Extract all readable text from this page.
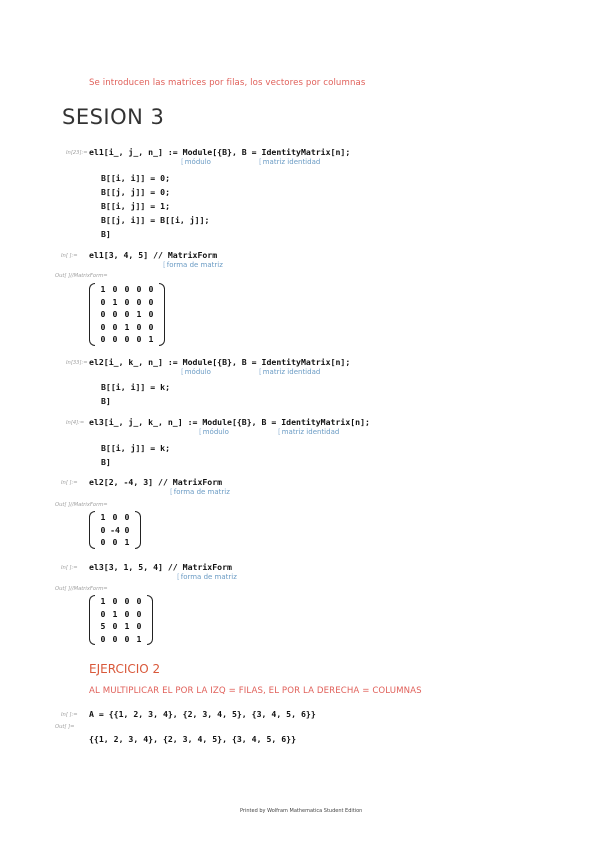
Se introducen las matrices por filas, los vectores por columnas
SESION 3
In[23]:= el1[i_, j_, n_] := Module[{B}, B = IdentityMatrix[n];
[ módulo	[ matriz identidad
B[[i, i]] = 0;
B[[j, j]] = 0;
B[[i, j]] = 1;
B[[j, i]] = B[[i, j]];
B]
In[ ]:= el1[3, 4, 5] // MatrixForm
[ forma de matriz
Out[ ]//MatrixForm=
1 0 0 0 0
0 1 0 0 0
0 0 0 1 0
0 0 1 0 0
0 0 0 0 1
In[33]:= el2[i_, k_, n_] := Module[{B}, B = IdentityMatrix[n];
[ módulo	[ matriz identidad
B[[i, i]] = k;
B]
In[4]:= el3[i_, j_, k_, n_] := Module[{B}, B = IdentityMatrix[n];
[ módulo	[ matriz identidad
B[[i, j]] = k;
B]
In[ ]:= el2[2, -4, 3] // MatrixForm
[ forma de matriz
Out[ ]//MatrixForm=
1 0 0
0 -4 0
0 0 1
In[ ]:= el3[3, 1, 5, 4] // MatrixForm
[ forma de matriz
Out[ ]//MatrixForm=
1 0 0 0
0 1 0 0
5 0 1 0
0 0 0 1
EJERCICIO 2
AL MULTIPLICAR EL POR LA IZQ = FILAS, EL POR LA DERECHA = COLUMNAS
In[ ]:= A = {{1, 2, 3, 4}, {2, 3, 4, 5}, {3, 4, 5, 6}}
Out[ ]=
{{1, 2, 3, 4}, {2, 3, 4, 5}, {3, 4, 5, 6}}
Printed by Wolfram Mathematica Student Edition
